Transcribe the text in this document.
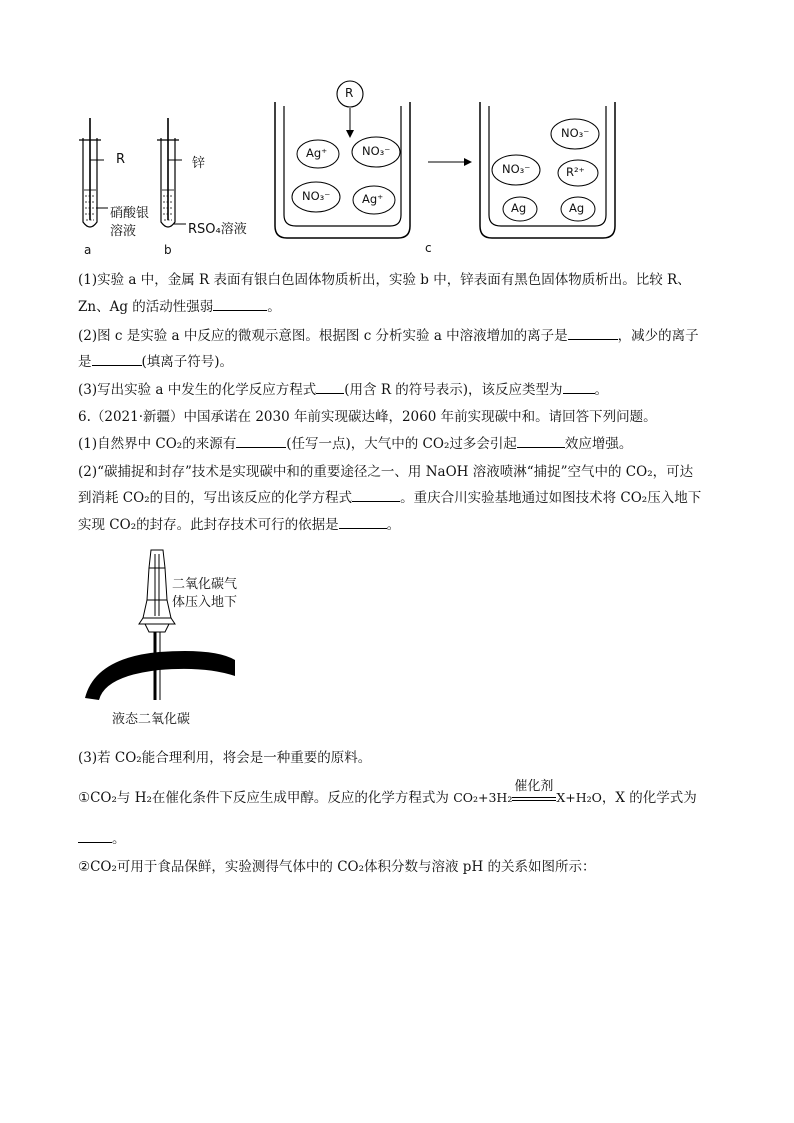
R
R	锌
硝酸银
溶液	RSO₄溶液
a	b	c
Ag⁺	NO₃⁻
NO₃⁻	Ag⁺
NO₃⁻
NO₃⁻	R²⁺
Ag	Ag
(1)实验 a 中，金属 R 表面有银白色固体物质析出，实验 b 中，锌表面有黑色固体物质析出。比较 R、
Zn、Ag 的活动性强弱	。
(2)图 c 是实验 a 中反应的微观示意图。根据图 c 分析实验 a 中溶液增加的离子是	，减少的离子
是	(填离子符号)。
(3)写出实验 a 中发生的化学反应方程式 (用含 R 的符号表示)，该反应类型为 。
6.（2021·新疆）中国承诺在 2030 年前实现碳达峰，2060 年前实现碳中和。请回答下列问题。
(1)自然界中 CO₂的来源有	(任写一点)，大气中的 CO₂过多会引起	效应增强。
(2)“碳捕捉和封存”技术是实现碳中和的重要途径之一、用 NaOH 溶液喷淋“捕捉”空气中的 CO₂，可达
到消耗 CO₂的目的，写出该反应的化学方程式	。重庆合川实验基地通过如图技术将 CO₂压入地下
实现 CO₂的封存。此封存技术可行的依据是	。
二氧化碳气
体压入地下
液态二氧化碳
(3)若 CO₂能合理利用，将会是一种重要的原料。
①CO₂与 H₂在催化条件下反应生成甲醇。反应的化学方程式为 CO₂+3H₂
催化剂
X+H₂O，X 的化学式为
。
②CO₂可用于食品保鲜，实验测得气体中的 CO₂体积分数与溶液 pH 的关系如图所示：
